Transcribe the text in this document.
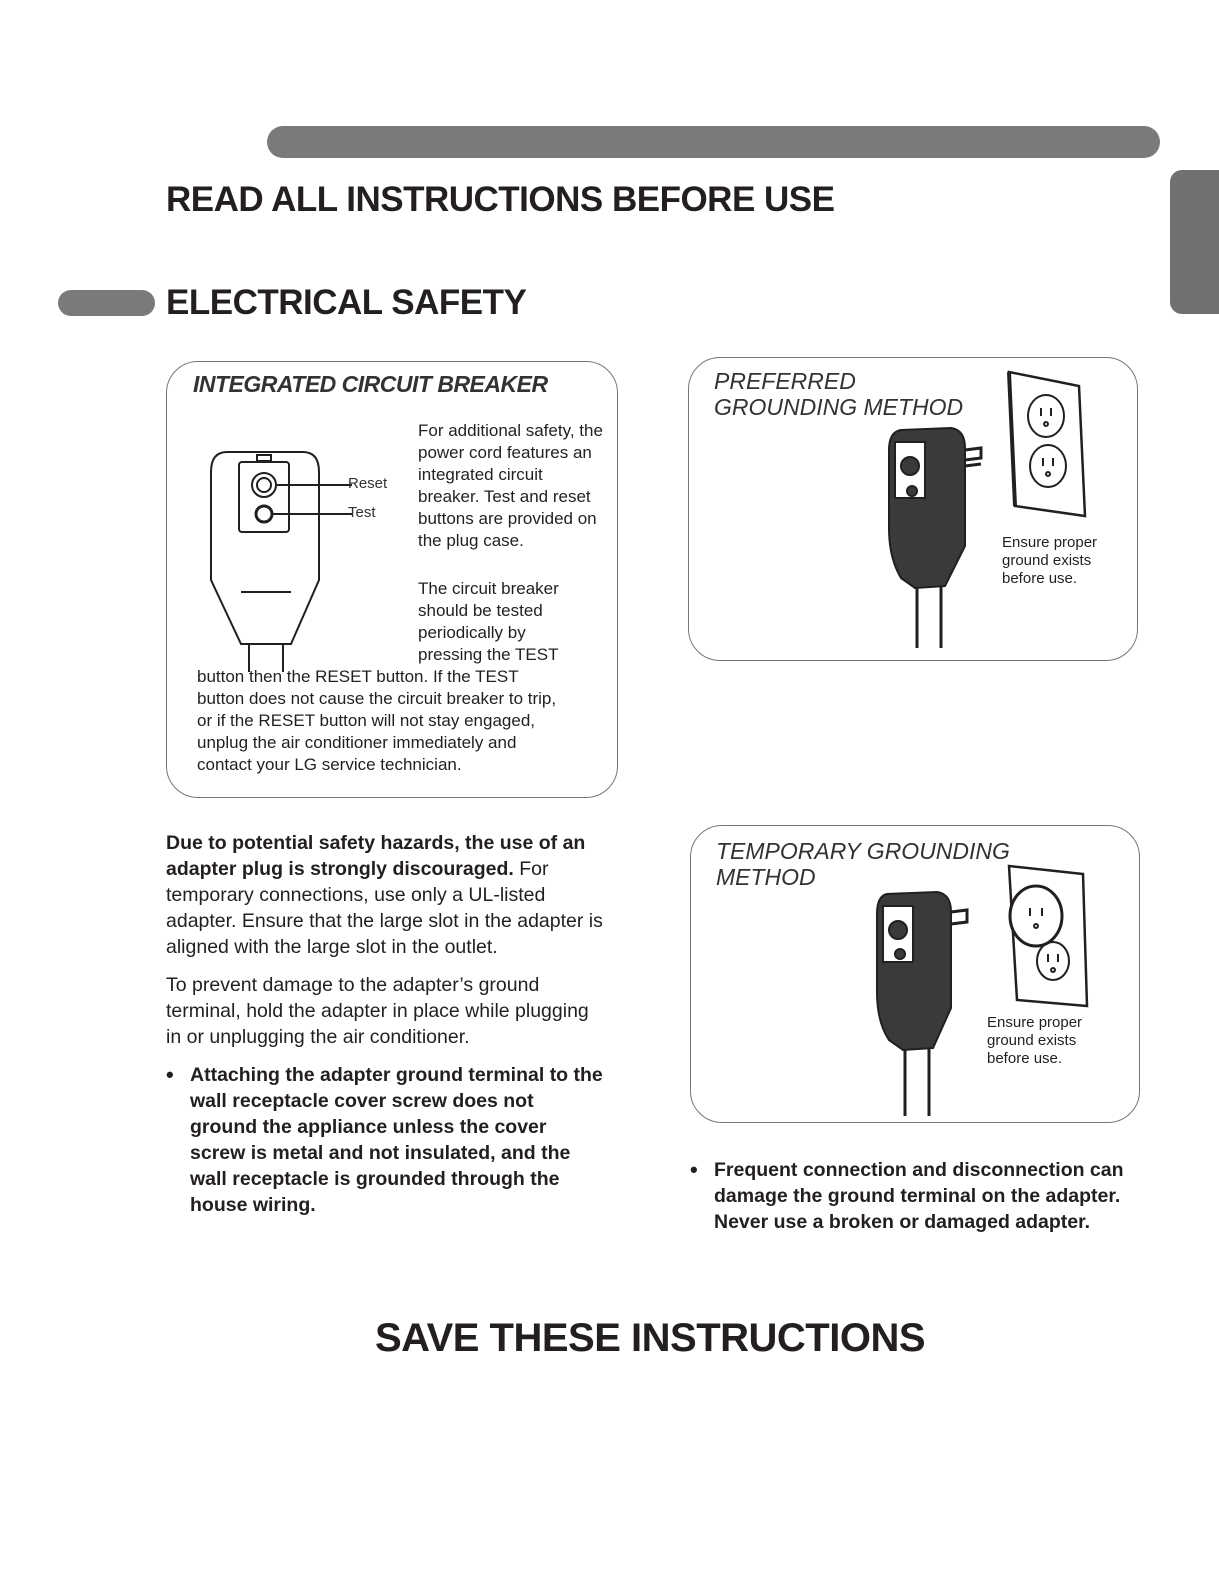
READ ALL INSTRUCTIONS BEFORE USE
ELECTRICAL SAFETY
INTEGRATED CIRCUIT BREAKER
Reset
Test
For additional safety, the power cord features an integrated circuit breaker. Test and reset buttons are provided on the plug case.
The circuit breaker
should be tested
periodically by
pressing the TEST
button then the RESET button. If the TEST
button does not cause the circuit breaker to trip,
or if the RESET button will not stay engaged,
unplug the air conditioner immediately and
contact your LG service technician.
PREFERRED
GROUNDING METHOD
Ensure proper ground exists before use.
TEMPORARY GROUNDING
METHOD
Ensure proper ground exists before use.

Due to potential safety hazards, the use of an adapter plug is strongly discouraged. For temporary connections, use only a UL-listed adapter. Ensure that the large slot in the adapter is aligned with the large slot in the outlet.

To prevent damage to the adapter’s ground terminal, hold the adapter in place while plugging in or unplugging the air conditioner.

• Attaching the adapter ground terminal to the wall receptacle cover screw does not ground the appliance unless the cover screw is metal and not insulated, and the wall receptacle is grounded through the house wiring.
• Frequent connection and disconnection can damage the ground terminal on the adapter. Never use a broken or damaged adapter.
SAVE THESE INSTRUCTIONS
